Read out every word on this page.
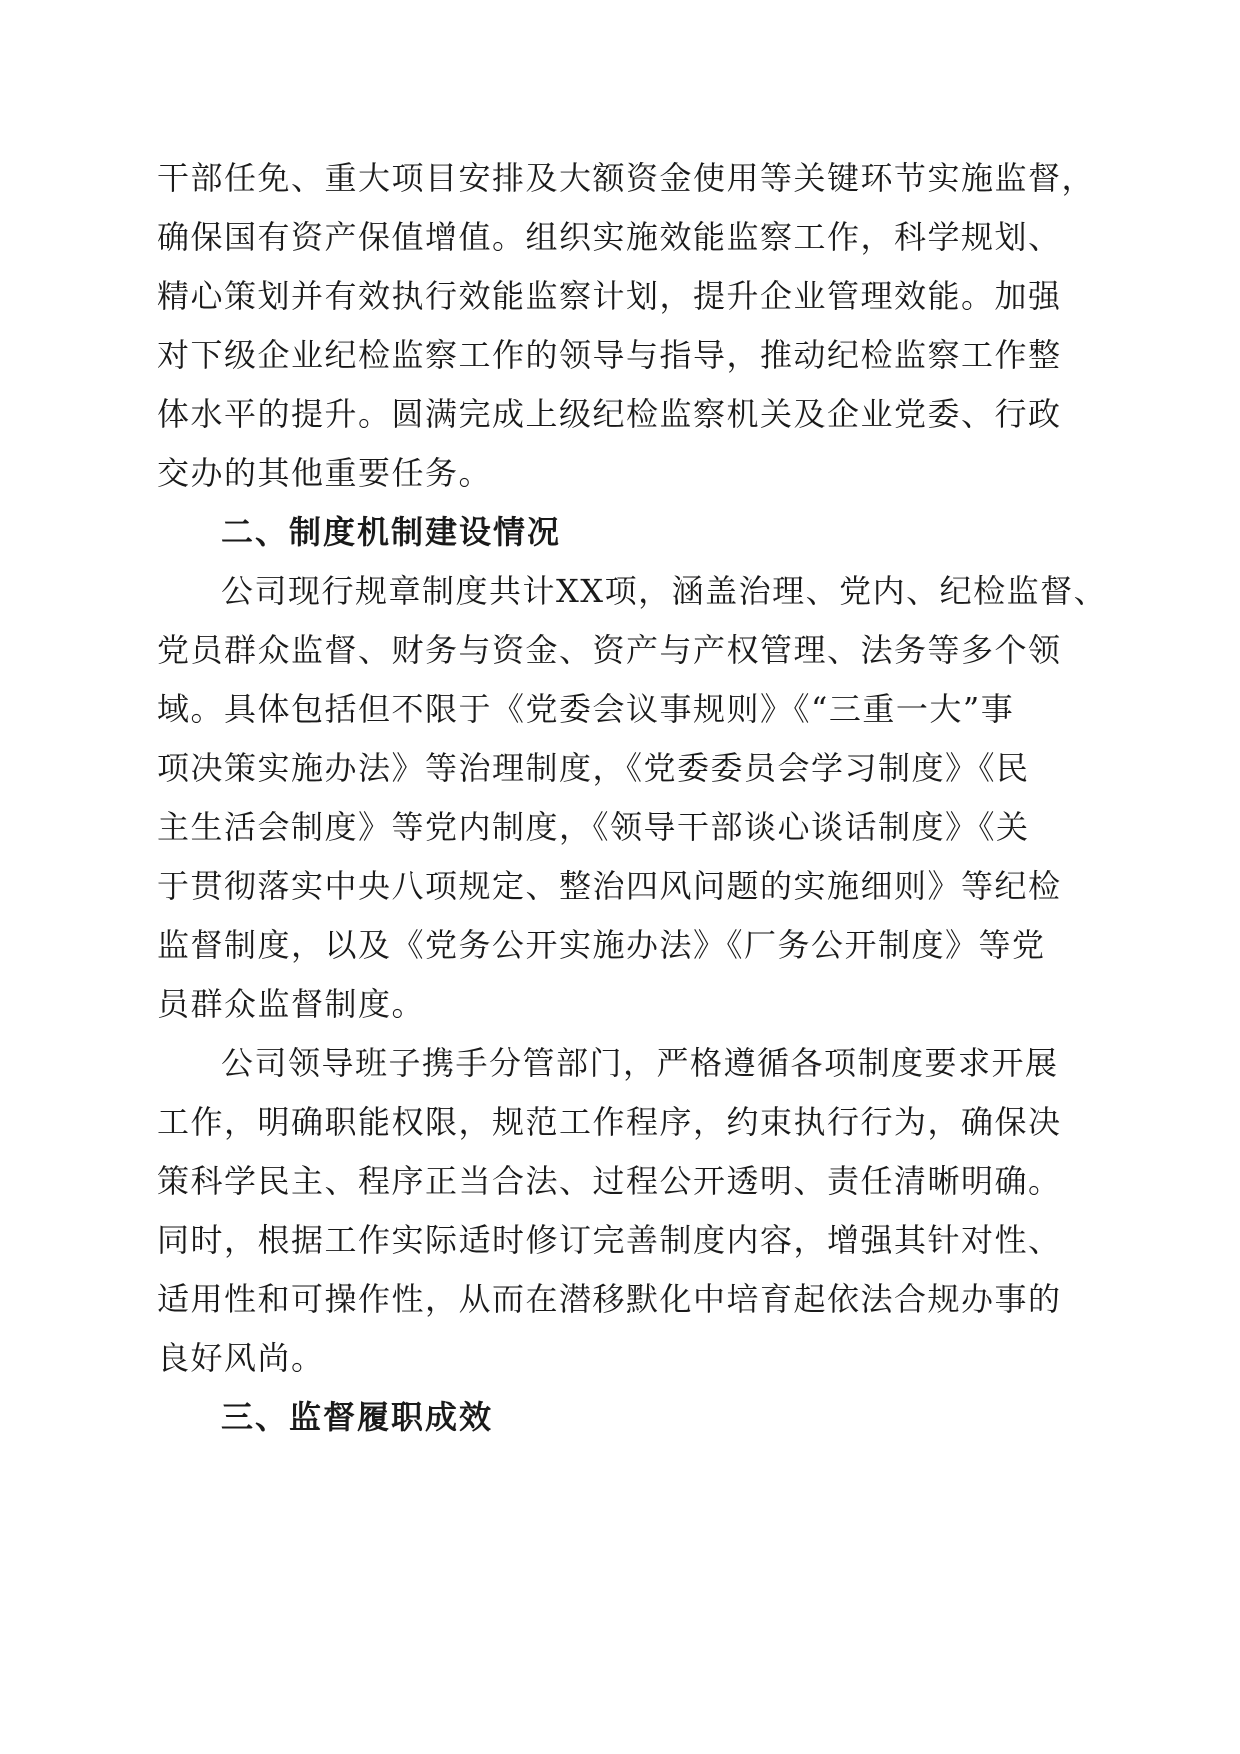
干部任免、重大项目安排及大额资金使用等关键环节实施监督，
确保国有资产保值增值。组织实施效能监察工作，科学规划、
精心策划并有效执行效能监察计划，提升企业管理效能。加强
对下级企业纪检监察工作的领导与指导，推动纪检监察工作整
体水平的提升。圆满完成上级纪检监察机关及企业党委、行政
交办的其他重要任务。
二、制度机制建设情况
公司现行规章制度共计XX项，涵盖治理、党内、纪检监督、
党员群众监督、财务与资金、资产与产权管理、法务等多个领
域。具体包括但不限于《党委会议事规则》《“三重一大”事
项决策实施办法》等治理制度，《党委委员会学习制度》《民
主生活会制度》等党内制度，《领导干部谈心谈话制度》《关
于贯彻落实中央八项规定、整治四风问题的实施细则》等纪检
监督制度，以及《党务公开实施办法》《厂务公开制度》等党
员群众监督制度。
公司领导班子携手分管部门，严格遵循各项制度要求开展
工作，明确职能权限，规范工作程序，约束执行行为，确保决
策科学民主、程序正当合法、过程公开透明、责任清晰明确。
同时，根据工作实际适时修订完善制度内容，增强其针对性、
适用性和可操作性，从而在潜移默化中培育起依法合规办事的
良好风尚。
三、监督履职成效
